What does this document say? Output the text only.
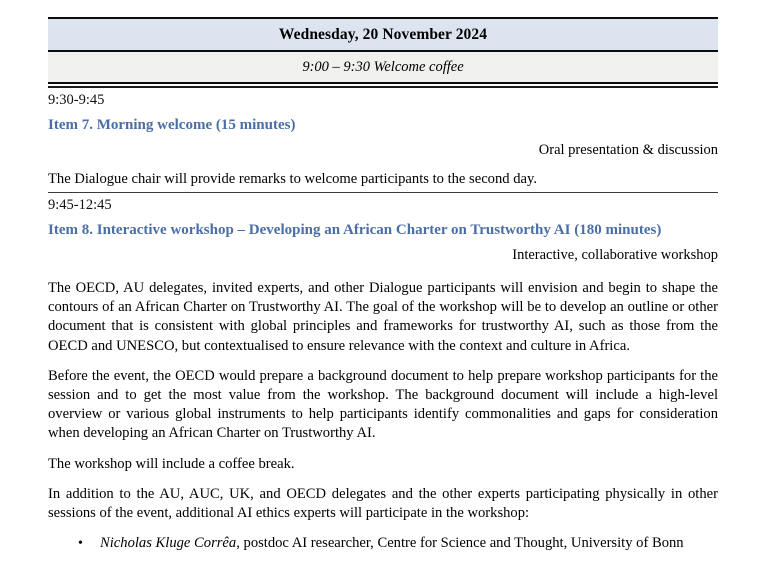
Wednesday, 20 November 2024
9:00 – 9:30 Welcome coffee
9:30-9:45
Item 7. Morning welcome (15 minutes)
Oral presentation & discussion

The Dialogue chair will provide remarks to welcome participants to the second day.

9:45-12:45
Item 8. Interactive workshop – Developing an African Charter on Trustworthy AI (180 minutes)
Interactive, collaborative workshop

The OECD, AU delegates, invited experts, and other Dialogue participants will envision and begin to shape the contours of an African Charter on Trustworthy AI. The goal of the workshop will be to develop an outline or other document that is consistent with global principles and frameworks for trustworthy AI, such as those from the OECD and UNESCO, but contextualised to ensure relevance with the context and culture in Africa.

Before the event, the OECD would prepare a background document to help prepare workshop participants for the session and to get the most value from the workshop. The background document will include a high-level overview or various global instruments to help participants identify commonalities and gaps for consideration when developing an African Charter on Trustworthy AI.

The workshop will include a coffee break.

In addition to the AU, AUC, UK, and OECD delegates and the other experts participating physically in other sessions of the event, additional AI ethics experts will participate in the workshop:

• Nicholas Kluge Corrêa, postdoc AI researcher, Centre for Science and Thought, University of Bonn
